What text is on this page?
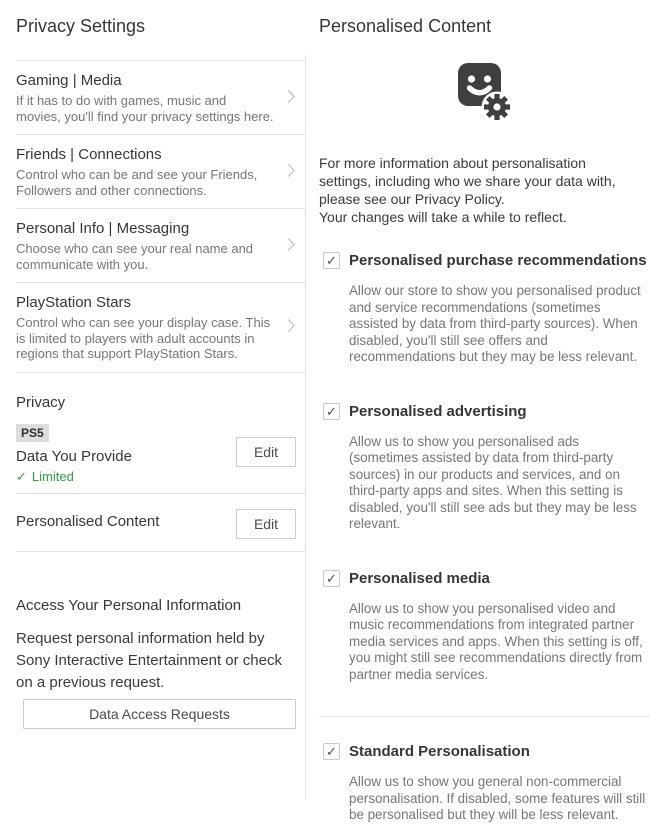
Privacy Settings
Gaming | Media
If it has to do with games, music and movies, you'll find your privacy settings here.
Friends | Connections
Control who can be and see your Friends, Followers and other connections.
Personal Info | Messaging
Choose who can see your real name and communicate with you.
PlayStation Stars
Control who can see your display case. This is limited to players with adult accounts in regions that support PlayStation Stars.
Privacy
PS5
Data You Provide
✓ Limited
Edit
Personalised Content	Edit
Access Your Personal Information
Request personal information held by Sony Interactive Entertainment or check on a previous request.
Data Access Requests
Personalised Content
For more information about personalisation settings, including who we share your data with, please see our Privacy Policy.
Your changes will take a while to reflect.
✓ Personalised purchase recommendations
Allow our store to show you personalised product and service recommendations (sometimes assisted by data from third-party sources). When disabled, you'll still see offers and recommendations but they may be less relevant.
✓ Personalised advertising
Allow us to show you personalised ads (sometimes assisted by data from third-party sources) in our products and services, and on third-party apps and sites. When this setting is disabled, you'll still see ads but they may be less relevant.
✓ Personalised media
Allow us to show you personalised video and music recommendations from integrated partner media services and apps. When this setting is off, you might still see recommendations directly from partner media services.
✓ Standard Personalisation
Allow us to show you general non-commercial personalisation. If disabled, some features will still be personalised but they will be less relevant.
